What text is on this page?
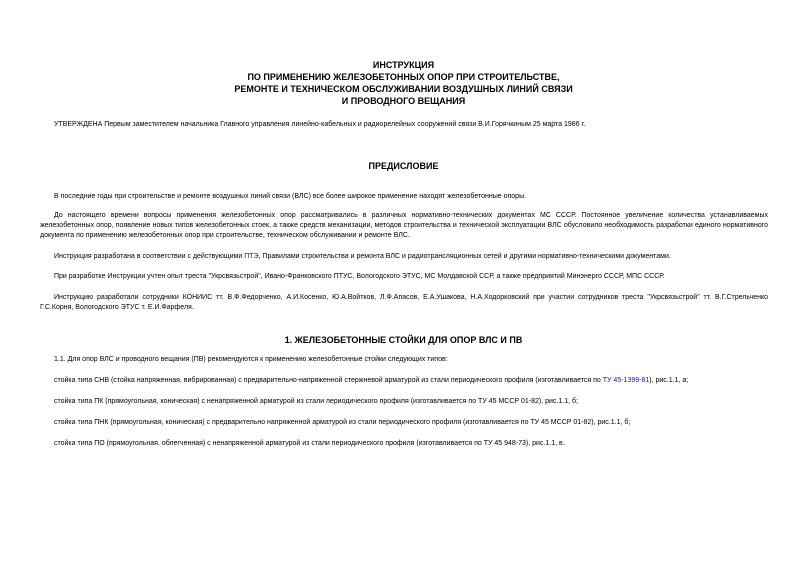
ИНСТРУКЦИЯ
ПО ПРИМЕНЕНИЮ ЖЕЛЕЗОБЕТОННЫХ ОПОР ПРИ СТРОИТЕЛЬСТВЕ,
РЕМОНТЕ И ТЕХНИЧЕСКОМ ОБСЛУЖИВАНИИ ВОЗДУШНЫХ ЛИНИЙ СВЯЗИ
И ПРОВОДНОГО ВЕЩАНИЯ
УТВЕРЖДЕНА Первым заместителем начальника Главного управления линейно-кабельных и радиорелейных сооружений связи В.И.Горячкиным 25 марта 1986 г.
ПРЕДИСЛОВИЕ
В последние годы при строительстве и ремонте воздушных линий связи (ВЛС) все более широкое применение находят железобетонные опоры.
До настоящего времени вопросы применения железобетонных опор рассматривались в различных нормативно-технических документах МС СССР. Постоянное увеличение количества устанавливаемых железобетонных опор, появление новых типов железобетонных стоек, а также средств механизации, методов строительства и технической эксплуатации ВЛС обусловило необходимость разработки единого нормативного документа по применению железобетонных опор при строительстве, техническом обслуживании и ремонте ВЛС.
Инструкция разработана в соответствии с действующими ПТЭ, Правилами строительства и ремонта ВЛС и радиотрансляционных сетей и другими нормативно-техническими документами.
При разработке Инструкции учтен опыт треста "Укрсвязьстрой", Ивано-Франковского ПТУС, Вологодского ЭТУС, МС Молдавской ССР, а также предприятий Минэнерго СССР, МПС СССР.
Инструкцию разработали сотрудники КОНИИС тт. В.Ф.Федорченко, А.И.Косенко, Ю.А.Войтков, Л.Ф.Апасов, Е.А.Ушакова, Н.А.Ходорковский при участии сотрудников треста "Укрсвязьстрой" тт. В.Г.Стрельченко Г.С.Корня, Вологодского ЭТУС т. Е.И.Фарфеля.
1. ЖЕЛЕЗОБЕТОННЫЕ СТОЙКИ ДЛЯ ОПОР ВЛС И ПВ
1.1. Для опор ВЛС и проводного вещания (ПВ) рекомендуются к применению железобетонные стойки следующих типов:
стойка типа СНВ (стойка напряженная, вибрированная) с предварительно-напряженной стержневой арматурой из стали периодического профиля (изготавливается по ТУ 45-1399-81), рис.1.1, а;
стойка типа ПК (прямоугольная, коническая) с ненапряженной арматурой из стали периодического профиля (изготавливается по ТУ 45 МССР 01-82), рис.1.1, б;
стойка типа ПНК (прямоугольная, коническая) с предварительно напряженной арматурой из стали периодического профиля (изготавливается по ТУ 45 МССР 01-82), рис.1.1, б;
стойка типа ПО (прямоугольная, облегченная) с ненапряженной арматурой из стали периодического профиля (изготавливается по ТУ 45 948-73), рис.1.1, в.
